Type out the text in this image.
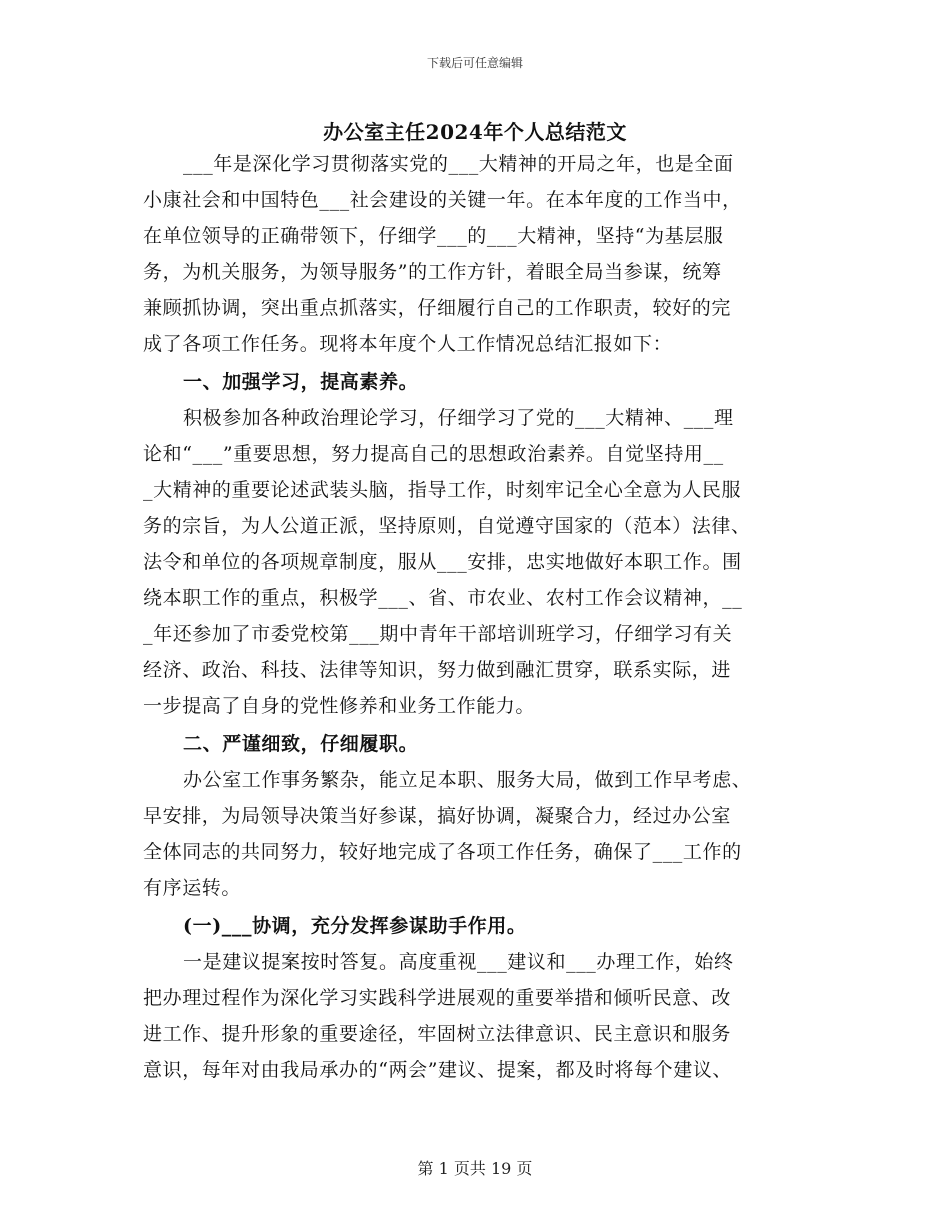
下载后可任意编辑
办公室主任2024年个人总结范文
___年是深化学习贯彻落实党的___大精神的开局之年，也是全面
小康社会和中国特色___社会建设的关键一年。在本年度的工作当中，
在单位领导的正确带领下，仔细学___的___大精神，坚持“为基层服
务，为机关服务，为领导服务”的工作方针，着眼全局当参谋，统筹
兼顾抓协调，突出重点抓落实，仔细履行自己的工作职责，较好的完
成了各项工作任务。现将本年度个人工作情况总结汇报如下：
一、加强学习，提高素养。
积极参加各种政治理论学习，仔细学习了党的___大精神、___理
论和“___”重要思想，努力提高自己的思想政治素养。自觉坚持用__
_大精神的重要论述武装头脑，指导工作，时刻牢记全心全意为人民服
务的宗旨，为人公道正派，坚持原则，自觉遵守国家的（范本）法律、
法令和单位的各项规章制度，服从___安排，忠实地做好本职工作。围
绕本职工作的重点，积极学___、省、市农业、农村工作会议精神，__
_年还参加了市委党校第___期中青年干部培训班学习，仔细学习有关
经济、政治、科技、法律等知识，努力做到融汇贯穿，联系实际，进
一步提高了自身的党性修养和业务工作能力。
二、严谨细致，仔细履职。
办公室工作事务繁杂，能立足本职、服务大局，做到工作早考虑、
早安排，为局领导决策当好参谋，搞好协调，凝聚合力，经过办公室
全体同志的共同努力，较好地完成了各项工作任务，确保了___工作的
有序运转。
(一)___协调，充分发挥参谋助手作用。
一是建议提案按时答复。高度重视___建议和___办理工作，始终
把办理过程作为深化学习实践科学进展观的重要举措和倾听民意、改
进工作、提升形象的重要途径，牢固树立法律意识、民主意识和服务
意识，每年对由我局承办的“两会”建议、提案，都及时将每个建议、
第 1 页共 19 页
